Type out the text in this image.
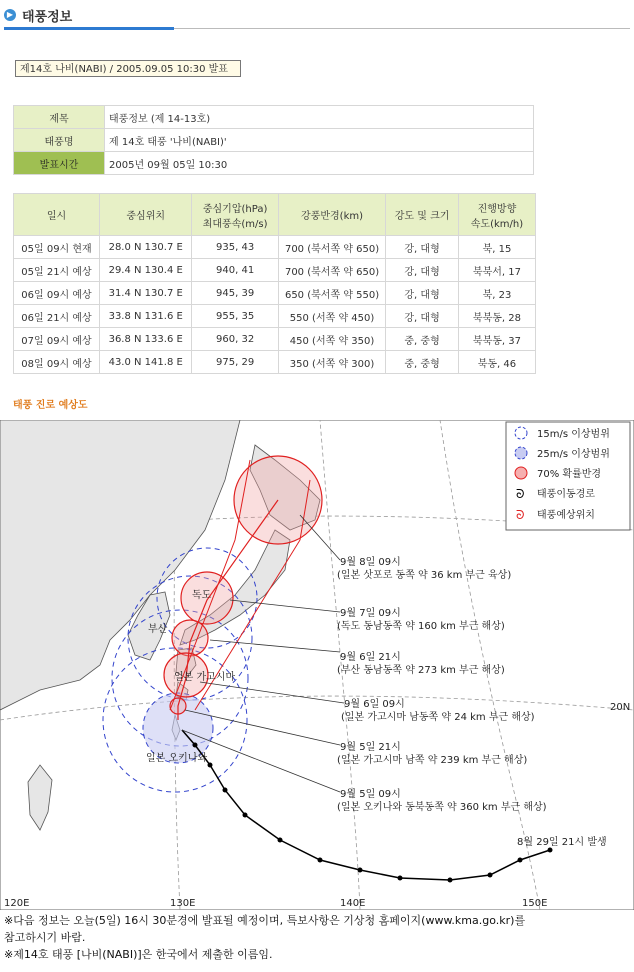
▶ 태풍정보
제14호 나비(NABI) / 2005.09.05 10:30 발표
제목	태풍정보 (제 14-13호)
태풍명	제 14호 태풍 '나비(NABI)'
발표시간	2005년 09월 05일 10:30
일시	중심위치	중심기압(hPa)
최대풍속(m/s)	강풍반경(km)	강도 및 크기	진행방향
속도(km/h)
05일 09시 현재	28.0 N 130.7 E	935, 43	700 (북서쪽 약 650)	강, 대형	북, 15
05일 21시 예상	29.4 N 130.4 E	940, 41	700 (북서쪽 약 650)	강, 대형	북북서, 17
06일 09시 예상	31.4 N 130.7 E	945, 39	650 (북서쪽 약 550)	강, 대형	북, 23
06일 21시 예상	33.8 N 131.6 E	955, 35	550 (서쪽 약 450)	강, 대형	북북동, 28
07일 09시 예상	36.8 N 133.6 E	960, 32	450 (서쪽 약 350)	중, 중형	북북동, 37
08일 09시 예상	43.0 N 141.8 E	975, 29	350 (서쪽 약 300)	중, 중형	북동, 46
태풍 진로 예상도
독도
부산
일본 가고시마
일본 오키나와
9월 8일 09시
(일본 삿포로 동쪽 약 36 km 부근 육상)
9월 7일 09시
(독도 동남동쪽 약 160 km 부근 해상)
9월 6일 21시
(부산 동남동쪽 약 273 km 부근 해상)
9월 6일 09시
(일본 가고시마 남동쪽 약 24 km 부근 해상)
9월 5일 21시
(일본 가고시마 남쪽 약 239 km 부근 해상)
9월 5일 09시
(일본 오키나와 동북동쪽 약 360 km 부근 해상)
8월 29일 21시 발생
120E	130E	140E	150E
20N
15m/s 이상범위
25m/s 이상범위
70% 확률반경
ᘐ 태풍이동경로
ᘐ 태풍예상위치
※다음 정보는 오늘(5일) 16시 30분경에 발표될 예정이며, 특보사항은 기상청 홈페이지(www.kma.go.kr)를
참고하시기 바람.
※제14호 태풍 [나비(NABI)]은 한국에서 제출한 이름임.
